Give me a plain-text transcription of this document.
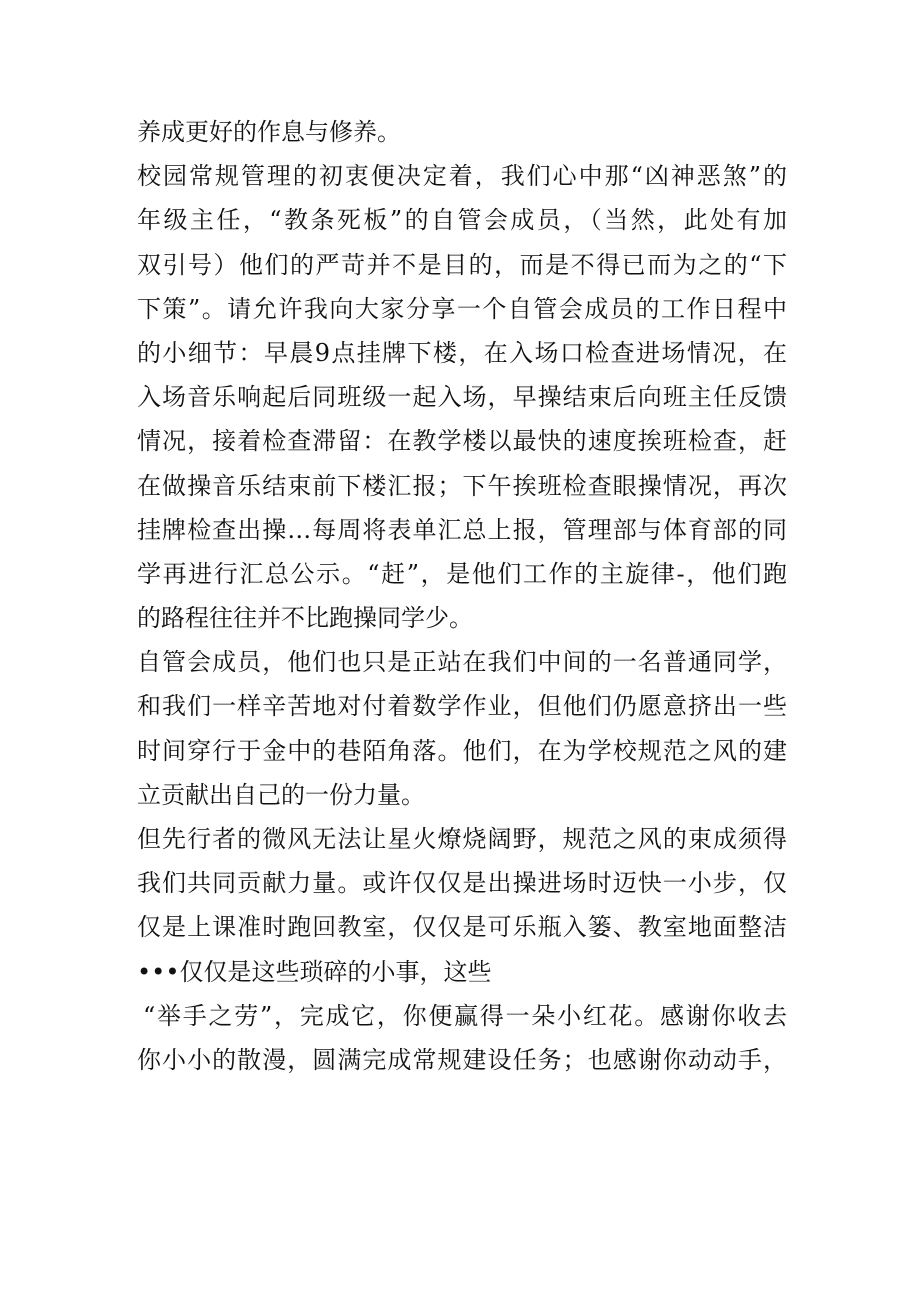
养成更好的作息与修养。
校园常规管理的初衷便决定着，我们心中那“凶神恶煞”的
年级主任，“教条死板”的自管会成员，（当然，此处有加
双引号）他们的严苛并不是目的，而是不得已而为之的“下
下策”。请允许我向大家分享一个自管会成员的工作日程中
的小细节：早晨9点挂牌下楼，在入场口检查进场情况，在
入场音乐响起后同班级一起入场，早操结束后向班主任反馈
情况，接着检查滞留：在教学楼以最快的速度挨班检查，赶
在做操音乐结束前下楼汇报；下午挨班检查眼操情况，再次
挂牌检查出操…每周将表单汇总上报，管理部与体育部的同
学再进行汇总公示。“赶”，是他们工作的主旋律-，他们跑
的路程往往并不比跑操同学少。
自管会成员，他们也只是正站在我们中间的一名普通同学，
和我们一样辛苦地对付着数学作业，但他们仍愿意挤出一些
时间穿行于金中的巷陌角落。他们，在为学校规范之风的建
立贡献出自己的一份力量。
但先行者的微风无法让星火燎烧阔野，规范之风的束成须得
我们共同贡献力量。或许仅仅是出操进场时迈快一小步，仅
仅是上课准时跑回教室，仅仅是可乐瓶入篓、教室地面整洁
•••仅仅是这些琐碎的小事，这些
“举手之劳”，完成它，你便赢得一朵小红花。感谢你收去
你小小的散漫，圆满完成常规建设任务；也感谢你动动手，
